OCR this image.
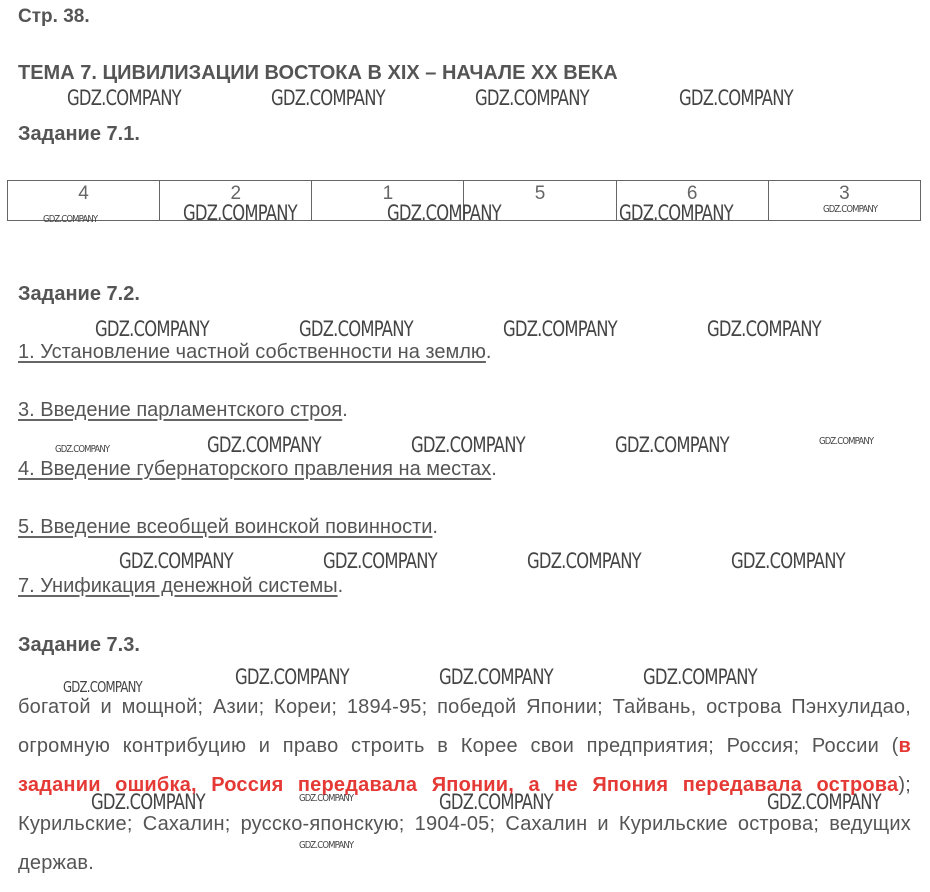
Стр. 38.
ТЕМА 7. ЦИВИЛИЗАЦИИ ВОСТОКА В XIX – НАЧАЛЕ XX ВЕКА
Задание 7.1.
4	2	1	5	6	3
Задание 7.2.
1. Установление частной собственности на землю.
3. Введение парламентского строя.
4. Введение губернаторского правления на местах.
5. Введение всеобщей воинской повинности.
7. Унификация денежной системы.
Задание 7.3.
богатой и мощной; Азии; Кореи; 1894-95; победой Японии; Тайвань, острова Пэнхулидао, огромную контрибуцию и право строить в Корее свои предприятия; Россия; России (в задании ошибка, Россия передавала Японии, а не Япония передавала острова); Курильские; Сахалин; русско-японскую; 1904-05; Сахалин и Курильские острова; ведущих держав.
GDZ.COMPANY	GDZ.COMPANY	GDZ.COMPANY	GDZ.COMPANY
GDZ.COMPANY	GDZ.COMPANY	GDZ.COMPANY	GDZ.COMPANY	GDZ.COMPANY
GDZ.COMPANY	GDZ.COMPANY	GDZ.COMPANY	GDZ.COMPANY
GDZ.COMPANY	GDZ.COMPANY	GDZ.COMPANY	GDZ.COMPANY	GDZ.COMPANY
GDZ.COMPANY	GDZ.COMPANY	GDZ.COMPANY	GDZ.COMPANY
GDZ.COMPANY	GDZ.COMPANY	GDZ.COMPANY	GDZ.COMPANY
GDZ.COMPANY	GDZ.COMPANY	GDZ.COMPANY	GDZ.COMPANY
GDZ.COMPANY
